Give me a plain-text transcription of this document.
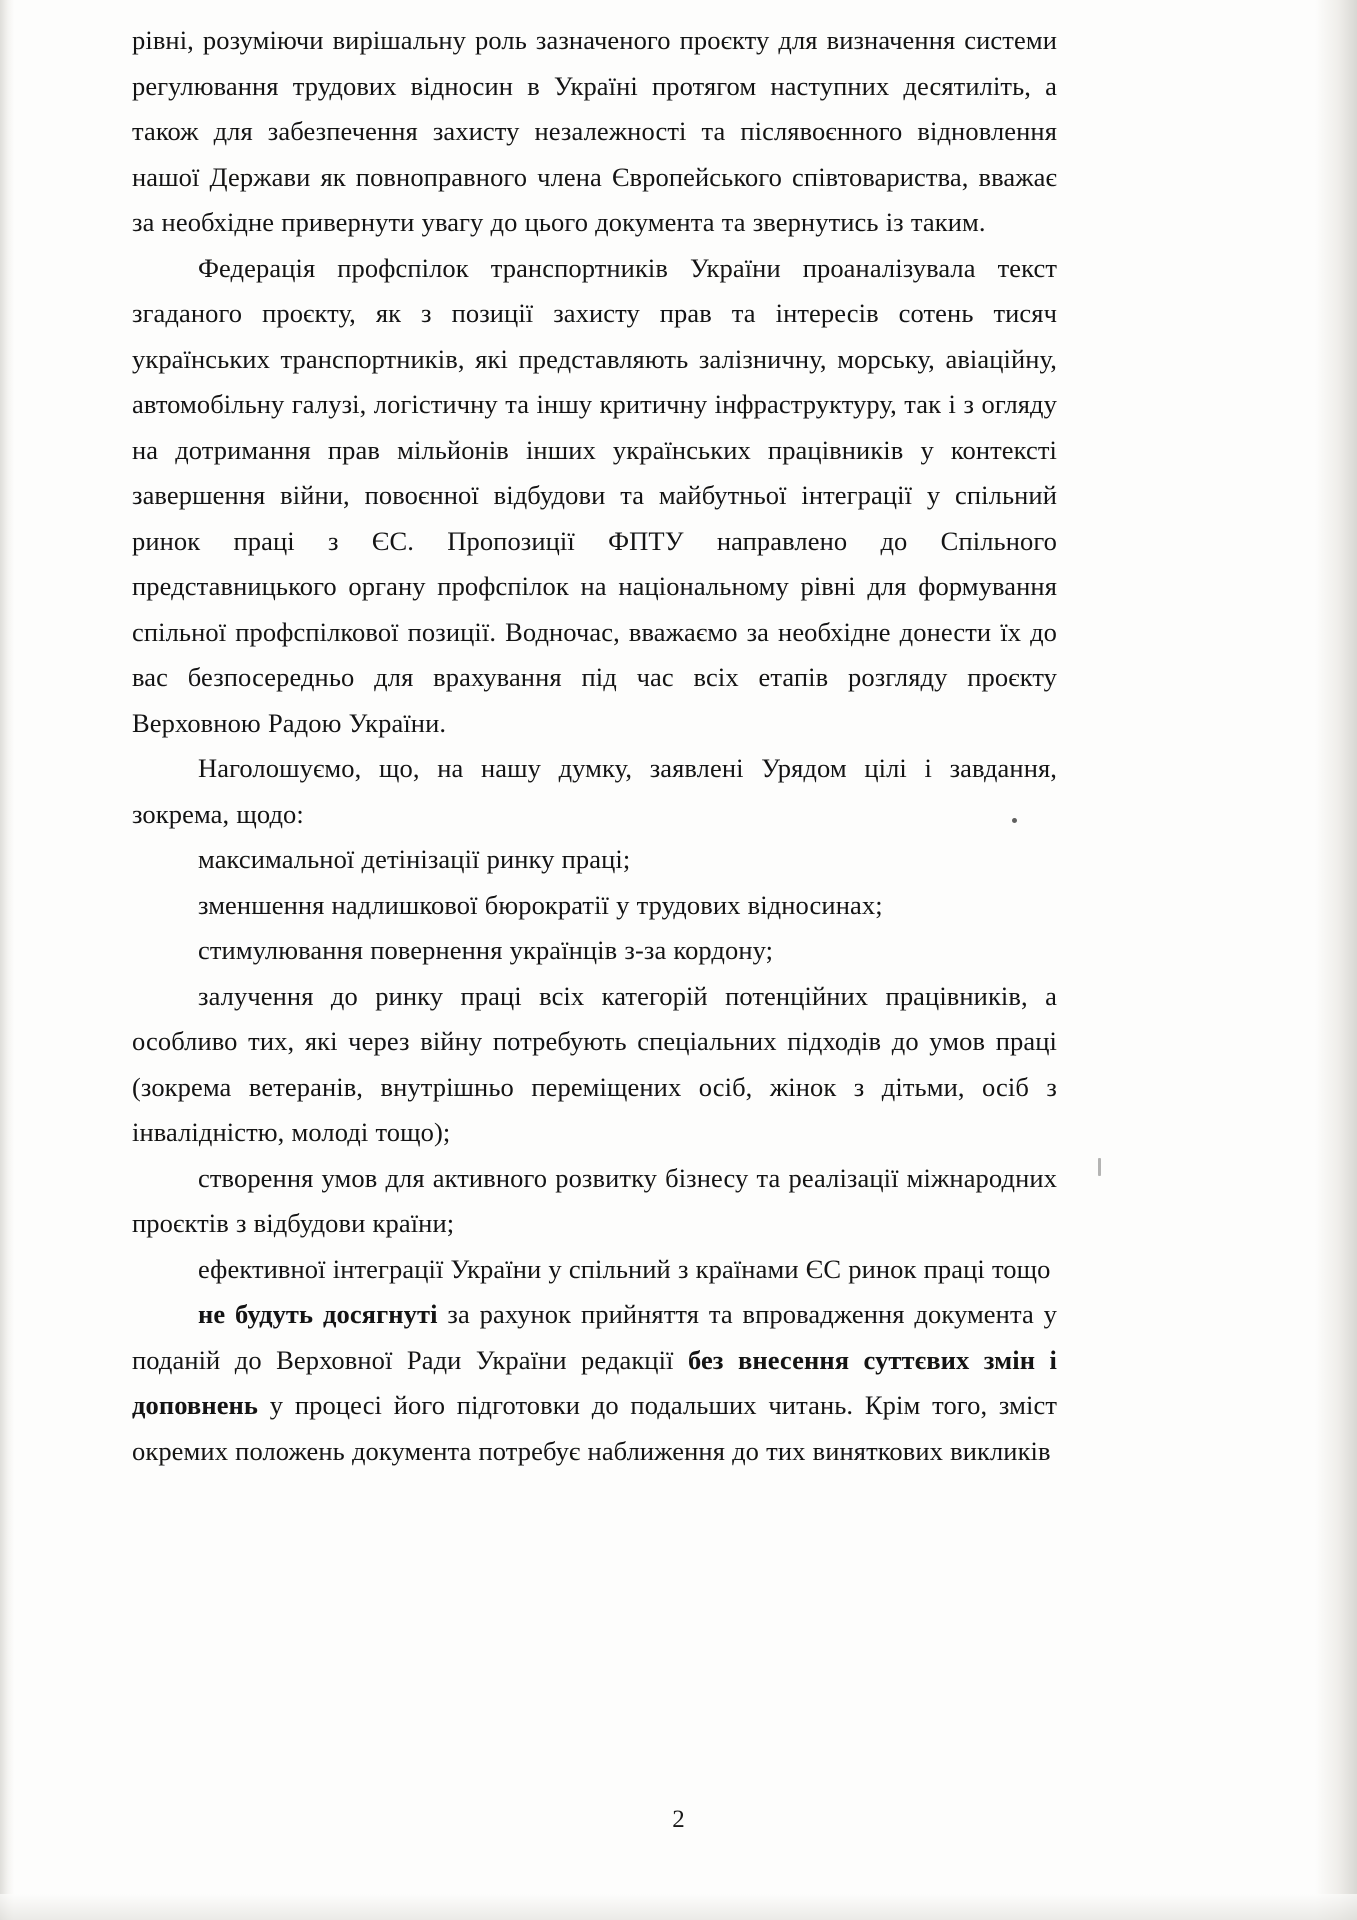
рівні, розуміючи вирішальну роль зазначеного проєкту для визначення системи регулювання трудових відносин в Україні протягом наступних десятиліть, а також для забезпечення захисту незалежності та післявоєнного відновлення нашої Держави як повноправного члена Європейського співтовариства, вважає за необхідне привернути увагу до цього документа та звернутись із таким.

Федерація профспілок транспортників України проаналізувала текст згаданого проєкту, як з позиції захисту прав та інтересів сотень тисяч українських транспортників, які представляють залізничну, морську, авіаційну, автомобільну галузі, логістичну та іншу критичну інфраструктуру, так і з огляду на дотримання прав мільйонів інших українських працівників у контексті завершення війни, повоєнної відбудови та майбутньої інтеграції у спільний ринок праці з ЄС. Пропозиції ФПТУ направлено до Спільного представницького органу профспілок на національному рівні для формування спільної профспілкової позиції. Водночас, вважаємо за необхідне донести їх до вас безпосередньо для врахування під час всіх етапів розгляду проєкту Верховною Радою України.

Наголошуємо, що, на нашу думку, заявлені Урядом цілі і завдання, зокрема, щодо:

максимальної детінізації ринку праці;

зменшення надлишкової бюрократії у трудових відносинах;

стимулювання повернення українців з-за кордону;

залучення до ринку праці всіх категорій потенційних працівників, а особливо тих, які через війну потребують спеціальних підходів до умов праці (зокрема ветеранів, внутрішньо переміщених осіб, жінок з дітьми, осіб з інвалідністю, молоді тощо);

створення умов для активного розвитку бізнесу та реалізації міжнародних проєктів з відбудови країни;

ефективної інтеграції України у спільний з країнами ЄС ринок праці тощо

не будуть досягнуті за рахунок прийняття та впровадження документа у поданій до Верховної Ради України редакції без внесення суттєвих змін і доповнень у процесі його підготовки до подальших читань. Крім того, зміст окремих положень документа потребує наближення до тих виняткових викликів

2
